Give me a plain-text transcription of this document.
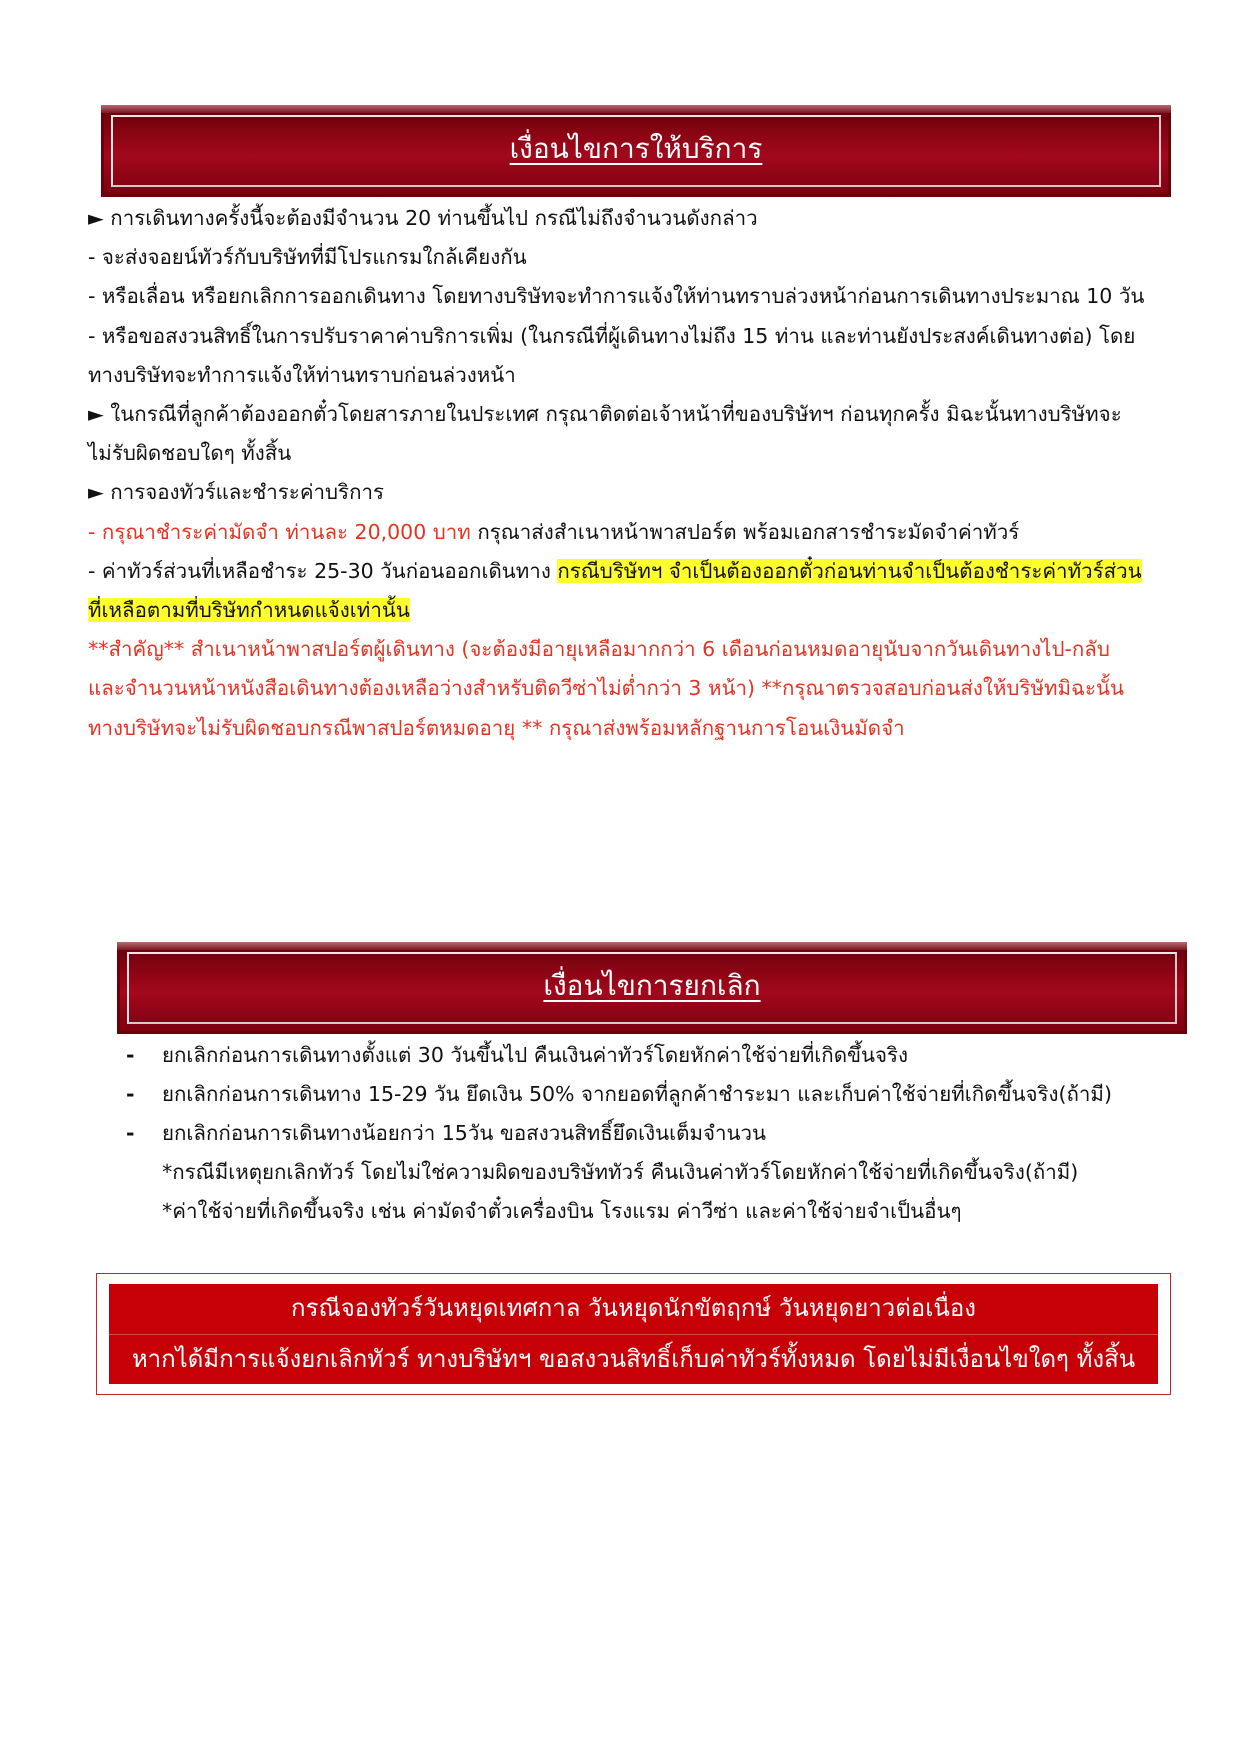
เงื่อนไขการให้บริการ
► การเดินทางครั้งนี้จะต้องมีจำนวน 20 ท่านขึ้นไป กรณีไม่ถึงจำนวนดังกล่าว
- จะส่งจอยน์ทัวร์กับบริษัทที่มีโปรแกรมใกล้เคียงกัน
- หรือเลื่อน หรือยกเลิกการออกเดินทาง โดยทางบริษัทจะทำการแจ้งให้ท่านทราบล่วงหน้าก่อนการเดินทางประมาณ 10 วัน
- หรือขอสงวนสิทธิ์ในการปรับราคาค่าบริการเพิ่ม (ในกรณีที่ผู้เดินทางไม่ถึง 15 ท่าน และท่านยังประสงค์เดินทางต่อ) โดย
ทางบริษัทจะทำการแจ้งให้ท่านทราบก่อนล่วงหน้า
► ในกรณีที่ลูกค้าต้องออกตั๋วโดยสารภายในประเทศ กรุณาติดต่อเจ้าหน้าที่ของบริษัทฯ ก่อนทุกครั้ง มิฉะนั้นทางบริษัทจะ
ไม่รับผิดชอบใดๆ ทั้งสิ้น
► การจองทัวร์และชำระค่าบริการ
- กรุณาชำระค่ามัดจำ ท่านละ 20,000 บาท กรุณาส่งสำเนาหน้าพาสปอร์ต พร้อมเอกสารชำระมัดจำค่าทัวร์
- ค่าทัวร์ส่วนที่เหลือชำระ 25-30 วันก่อนออกเดินทาง กรณีบริษัทฯ จำเป็นต้องออกตั๋วก่อนท่านจำเป็นต้องชำระค่าทัวร์ส่วน
ที่เหลือตามที่บริษัทกำหนดแจ้งเท่านั้น
**สำคัญ** สำเนาหน้าพาสปอร์ตผู้เดินทาง (จะต้องมีอายุเหลือมากกว่า 6 เดือนก่อนหมดอายุนับจากวันเดินทางไป-กลับ
และจำนวนหน้าหนังสือเดินทางต้องเหลือว่างสำหรับติดวีซ่าไม่ต่ำกว่า 3 หน้า) **กรุณาตรวจสอบก่อนส่งให้บริษัทมิฉะนั้น
ทางบริษัทจะไม่รับผิดชอบกรณีพาสปอร์ตหมดอายุ ** กรุณาส่งพร้อมหลักฐานการโอนเงินมัดจำ
เงื่อนไขการยกเลิก
- ยกเลิกก่อนการเดินทางตั้งแต่ 30 วันขึ้นไป คืนเงินค่าทัวร์โดยหักค่าใช้จ่ายที่เกิดขึ้นจริง
- ยกเลิกก่อนการเดินทาง 15-29 วัน ยึดเงิน 50% จากยอดที่ลูกค้าชำระมา และเก็บค่าใช้จ่ายที่เกิดขึ้นจริง(ถ้ามี)
- ยกเลิกก่อนการเดินทางน้อยกว่า 15วัน ขอสงวนสิทธิ์ยึดเงินเต็มจำนวน
*กรณีมีเหตุยกเลิกทัวร์ โดยไม่ใช่ความผิดของบริษัททัวร์ คืนเงินค่าทัวร์โดยหักค่าใช้จ่ายที่เกิดขึ้นจริง(ถ้ามี)
*ค่าใช้จ่ายที่เกิดขึ้นจริง เช่น ค่ามัดจำตั๋วเครื่องบิน โรงแรม ค่าวีซ่า และค่าใช้จ่ายจำเป็นอื่นๆ
กรณีจองทัวร์วันหยุดเทศกาล วันหยุดนักขัตฤกษ์ วันหยุดยาวต่อเนื่อง
หากได้มีการแจ้งยกเลิกทัวร์ ทางบริษัทฯ ขอสงวนสิทธิ์เก็บค่าทัวร์ทั้งหมด โดยไม่มีเงื่อนไขใดๆ ทั้งสิ้น
